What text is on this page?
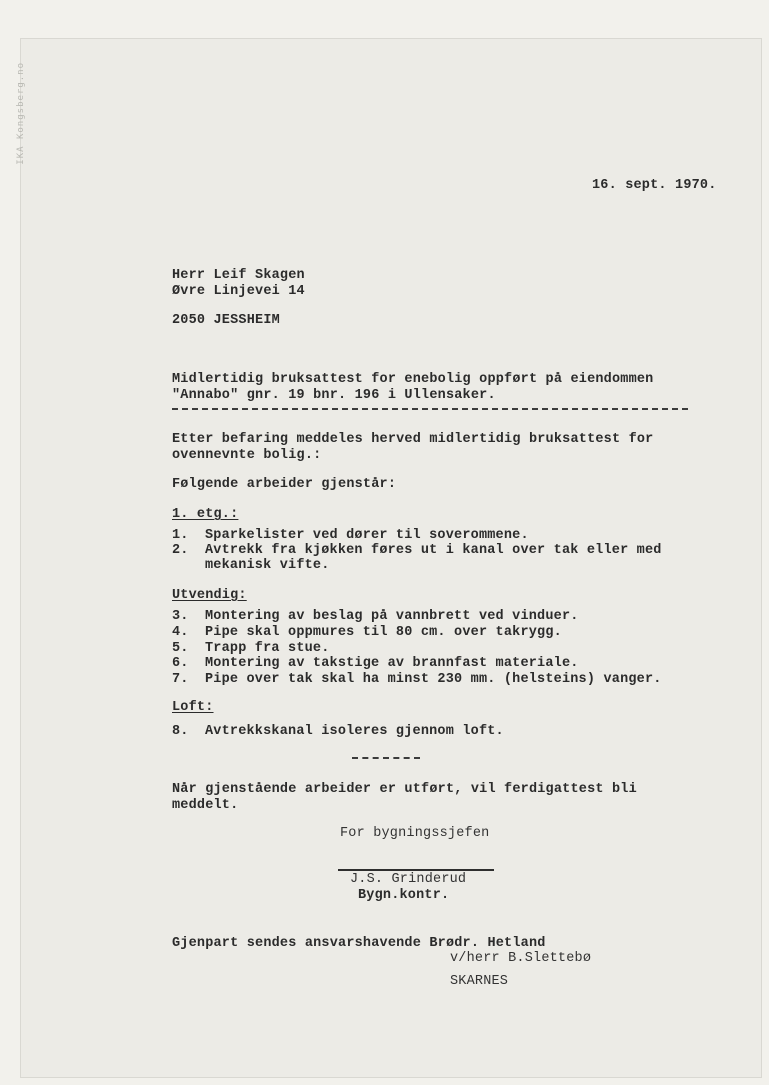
IKA Kongsberg.no
16. sept. 1970.
Herr Leif Skagen
Øvre Linjevei 14
2050 JESSHEIM
Midlertidig bruksattest for enebolig oppført på eiendommen
"Annabo" gnr. 19 bnr. 196 i Ullensaker.
Etter befaring meddeles herved midlertidig bruksattest for
ovennevnte bolig.:
Følgende arbeider gjenstår:
1. etg.:
1. Sparkelister ved dører til soverommene.
2. Avtrekk fra kjøkken føres ut i kanal over tak eller med
mekanisk vifte.
Utvendig:
3. Montering av beslag på vannbrett ved vinduer.
4. Pipe skal oppmures til 80 cm. over takrygg.
5. Trapp fra stue.
6. Montering av takstige av brannfast materiale.
7. Pipe over tak skal ha minst 230 mm. (helsteins) vanger.
Loft:
8. Avtrekkskanal isoleres gjennom loft.
Når gjenstående arbeider er utført, vil ferdigattest bli
meddelt.
For bygningssjefen
J.S. Grinderud
Bygn.kontr.
Gjenpart sendes ansvarshavende Brødr. Hetland
v/herr B.Slettebø
SKARNES
